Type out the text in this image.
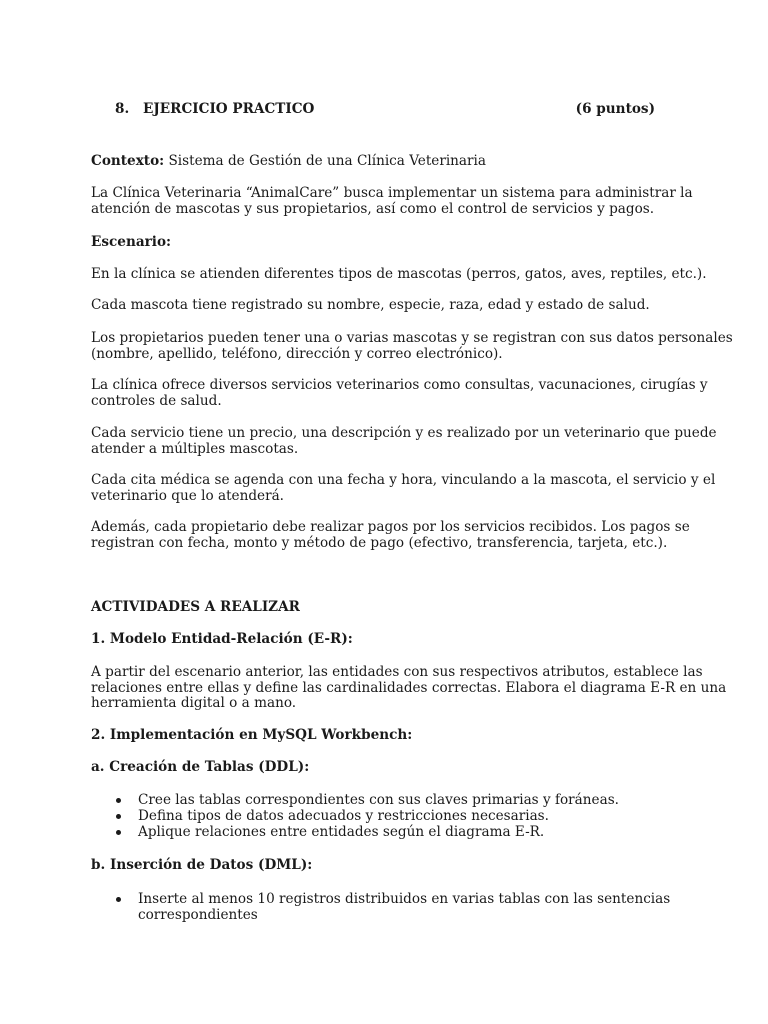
8. EJERCICIO PRACTICO	(6 puntos)
Contexto: Sistema de Gestión de una Clínica Veterinaria
La Clínica Veterinaria “AnimalCare” busca implementar un sistema para administrar la
atención de mascotas y sus propietarios, así como el control de servicios y pagos.
Escenario:
En la clínica se atienden diferentes tipos de mascotas (perros, gatos, aves, reptiles, etc.).
Cada mascota tiene registrado su nombre, especie, raza, edad y estado de salud.
Los propietarios pueden tener una o varias mascotas y se registran con sus datos personales
(nombre, apellido, teléfono, dirección y correo electrónico).
La clínica ofrece diversos servicios veterinarios como consultas, vacunaciones, cirugías y
controles de salud.
Cada servicio tiene un precio, una descripción y es realizado por un veterinario que puede
atender a múltiples mascotas.
Cada cita médica se agenda con una fecha y hora, vinculando a la mascota, el servicio y el
veterinario que lo atenderá.
Además, cada propietario debe realizar pagos por los servicios recibidos. Los pagos se
registran con fecha, monto y método de pago (efectivo, transferencia, tarjeta, etc.).
ACTIVIDADES A REALIZAR
1. Modelo Entidad-Relación (E-R):
A partir del escenario anterior, las entidades con sus respectivos atributos, establece las
relaciones entre ellas y define las cardinalidades correctas. Elabora el diagrama E-R en una
herramienta digital o a mano.
2. Implementación en MySQL Workbench:
a. Creación de Tablas (DDL):
Cree las tablas correspondientes con sus claves primarias y foráneas.
Defina tipos de datos adecuados y restricciones necesarias.
Aplique relaciones entre entidades según el diagrama E-R.
b. Inserción de Datos (DML):
Inserte al menos 10 registros distribuidos en varias tablas con las sentencias
correspondientes
